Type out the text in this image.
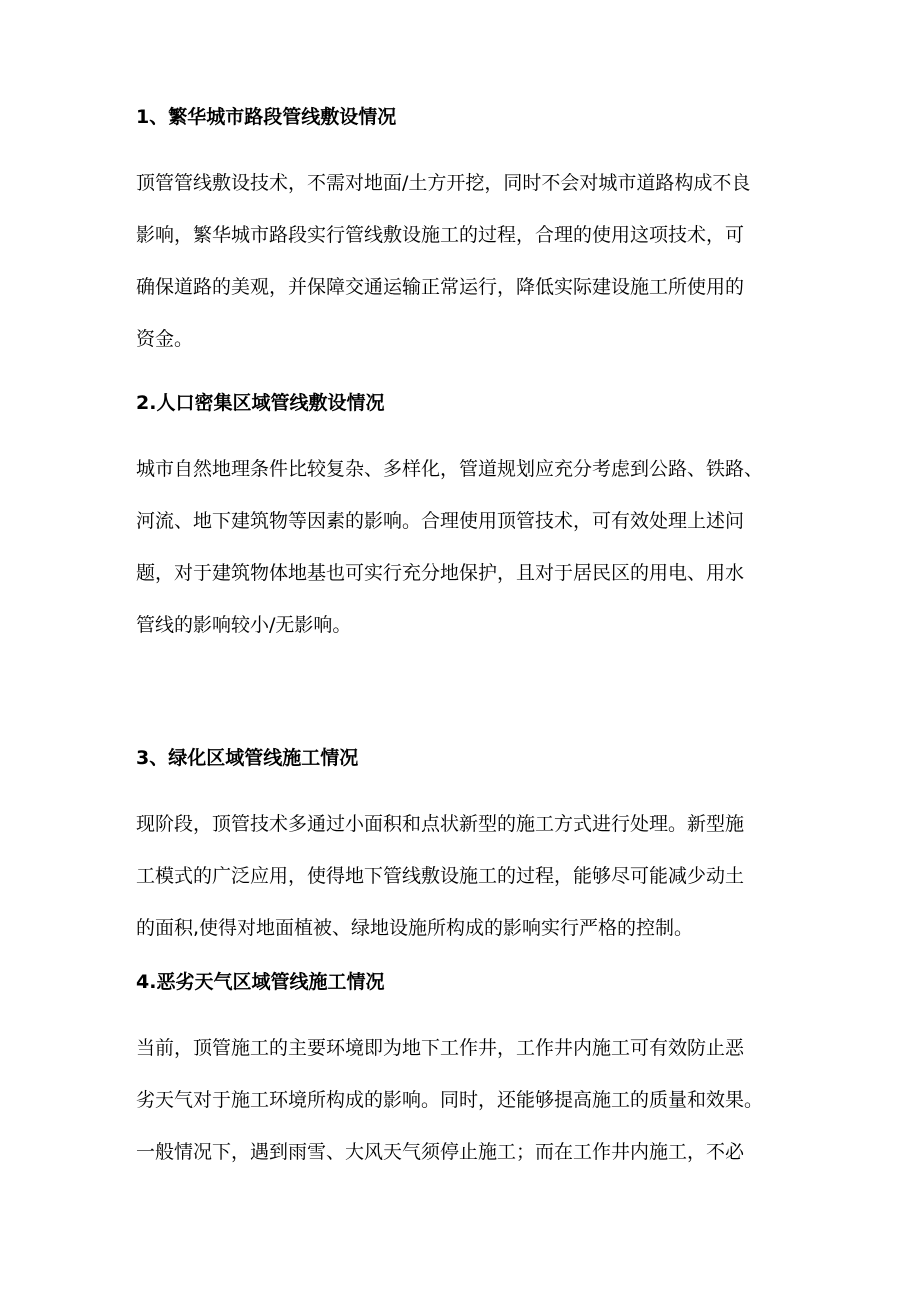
1、繁华城市路段管线敷设情况
顶管管线敷设技术，不需对地面/土方开挖，同时不会对城市道路构成不良
影响，繁华城市路段实行管线敷设施工的过程，合理的使用这项技术，可
确保道路的美观，并保障交通运输正常运行，降低实际建设施工所使用的
资金。
2.人口密集区域管线敷设情况
城市自然地理条件比较复杂、多样化，管道规划应充分考虑到公路、铁路、
河流、地下建筑物等因素的影响。合理使用顶管技术，可有效处理上述问
题，对于建筑物体地基也可实行充分地保护，且对于居民区的用电、用水
管线的影响较小/无影响。
3、绿化区域管线施工情况
现阶段，顶管技术多通过小面积和点状新型的施工方式进行处理。新型施
工模式的广泛应用，使得地下管线敷设施工的过程，能够尽可能减少动土
的面积,使得对地面植被、绿地设施所构成的影响实行严格的控制。
4.恶劣天气区域管线施工情况
当前，顶管施工的主要环境即为地下工作井，工作井内施工可有效防止恶
劣天气对于施工环境所构成的影响。同时，还能够提高施工的质量和效果。
一般情况下，遇到雨雪、大风天气须停止施工；而在工作井内施工，不必
